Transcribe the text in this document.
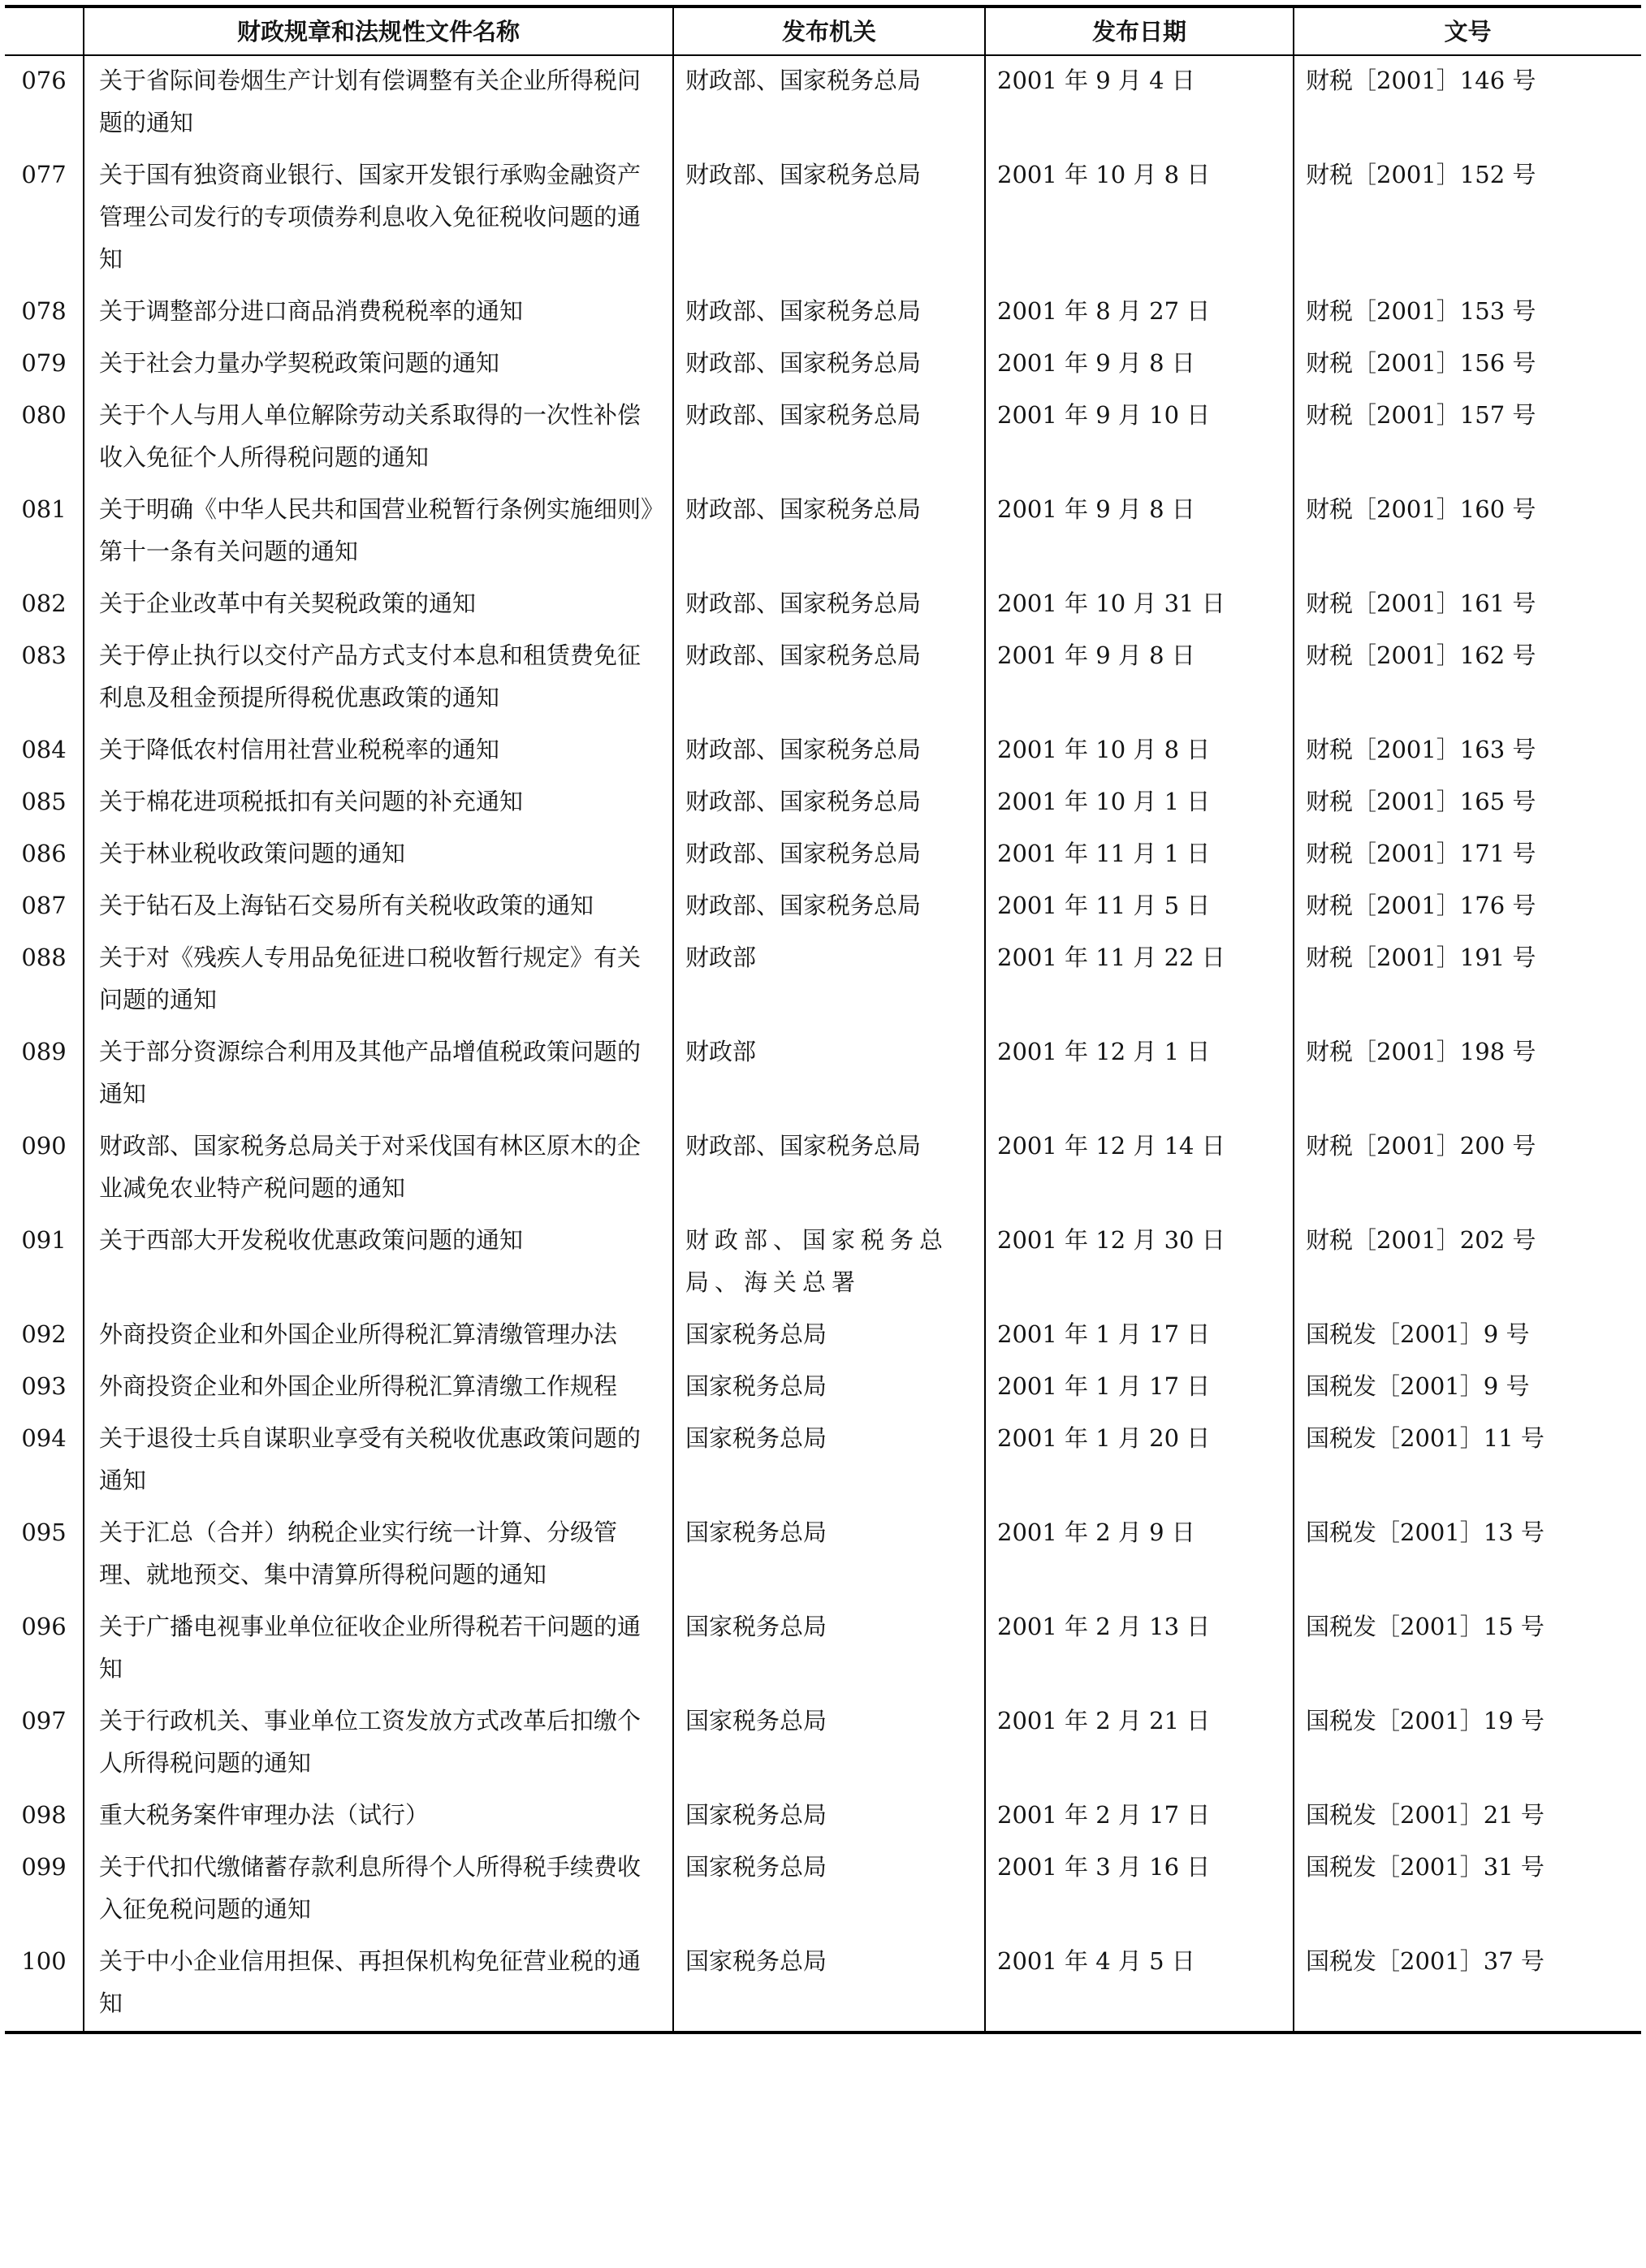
	财政规章和法规性文件名称	发布机关	发布日期	文号
076	关于省际间卷烟生产计划有偿调整有关企业所得税问题的通知	财政部、国家税务总局	2001 年 9 月 4 日	财税［2001］146 号
077	关于国有独资商业银行、国家开发银行承购金融资产管理公司发行的专项债券利息收入免征税收问题的通知	财政部、国家税务总局	2001 年 10 月 8 日	财税［2001］152 号
078	关于调整部分进口商品消费税税率的通知	财政部、国家税务总局	2001 年 8 月 27 日	财税［2001］153 号
079	关于社会力量办学契税政策问题的通知	财政部、国家税务总局	2001 年 9 月 8 日	财税［2001］156 号
080	关于个人与用人单位解除劳动关系取得的一次性补偿收入免征个人所得税问题的通知	财政部、国家税务总局	2001 年 9 月 10 日	财税［2001］157 号
081	关于明确《中华人民共和国营业税暂行条例实施细则》第十一条有关问题的通知	财政部、国家税务总局	2001 年 9 月 8 日	财税［2001］160 号
082	关于企业改革中有关契税政策的通知	财政部、国家税务总局	2001 年 10 月 31 日	财税［2001］161 号
083	关于停止执行以交付产品方式支付本息和租赁费免征利息及租金预提所得税优惠政策的通知	财政部、国家税务总局	2001 年 9 月 8 日	财税［2001］162 号
084	关于降低农村信用社营业税税率的通知	财政部、国家税务总局	2001 年 10 月 8 日	财税［2001］163 号
085	关于棉花进项税抵扣有关问题的补充通知	财政部、国家税务总局	2001 年 10 月 1 日	财税［2001］165 号
086	关于林业税收政策问题的通知	财政部、国家税务总局	2001 年 11 月 1 日	财税［2001］171 号
087	关于钻石及上海钻石交易所有关税收政策的通知	财政部、国家税务总局	2001 年 11 月 5 日	财税［2001］176 号
088	关于对《残疾人专用品免征进口税收暂行规定》有关问题的通知	财政部	2001 年 11 月 22 日	财税［2001］191 号
089	关于部分资源综合利用及其他产品增值税政策问题的通知	财政部	2001 年 12 月 1 日	财税［2001］198 号
090	财政部、国家税务总局关于对采伐国有林区原木的企业减免农业特产税问题的通知	财政部、国家税务总局	2001 年 12 月 14 日	财税［2001］200 号
091	关于西部大开发税收优惠政策问题的通知	财政部、国家税务总局、海关总署	2001 年 12 月 30 日	财税［2001］202 号
092	外商投资企业和外国企业所得税汇算清缴管理办法	国家税务总局	2001 年 1 月 17 日	国税发［2001］9 号
093	外商投资企业和外国企业所得税汇算清缴工作规程	国家税务总局	2001 年 1 月 17 日	国税发［2001］9 号
094	关于退役士兵自谋职业享受有关税收优惠政策问题的通知	国家税务总局	2001 年 1 月 20 日	国税发［2001］11 号
095	关于汇总（合并）纳税企业实行统一计算、分级管理、就地预交、集中清算所得税问题的通知	国家税务总局	2001 年 2 月 9 日	国税发［2001］13 号
096	关于广播电视事业单位征收企业所得税若干问题的通知	国家税务总局	2001 年 2 月 13 日	国税发［2001］15 号
097	关于行政机关、事业单位工资发放方式改革后扣缴个人所得税问题的通知	国家税务总局	2001 年 2 月 21 日	国税发［2001］19 号
098	重大税务案件审理办法（试行）	国家税务总局	2001 年 2 月 17 日	国税发［2001］21 号
099	关于代扣代缴储蓄存款利息所得个人所得税手续费收入征免税问题的通知	国家税务总局	2001 年 3 月 16 日	国税发［2001］31 号
100	关于中小企业信用担保、再担保机构免征营业税的通知	国家税务总局	2001 年 4 月 5 日	国税发［2001］37 号
